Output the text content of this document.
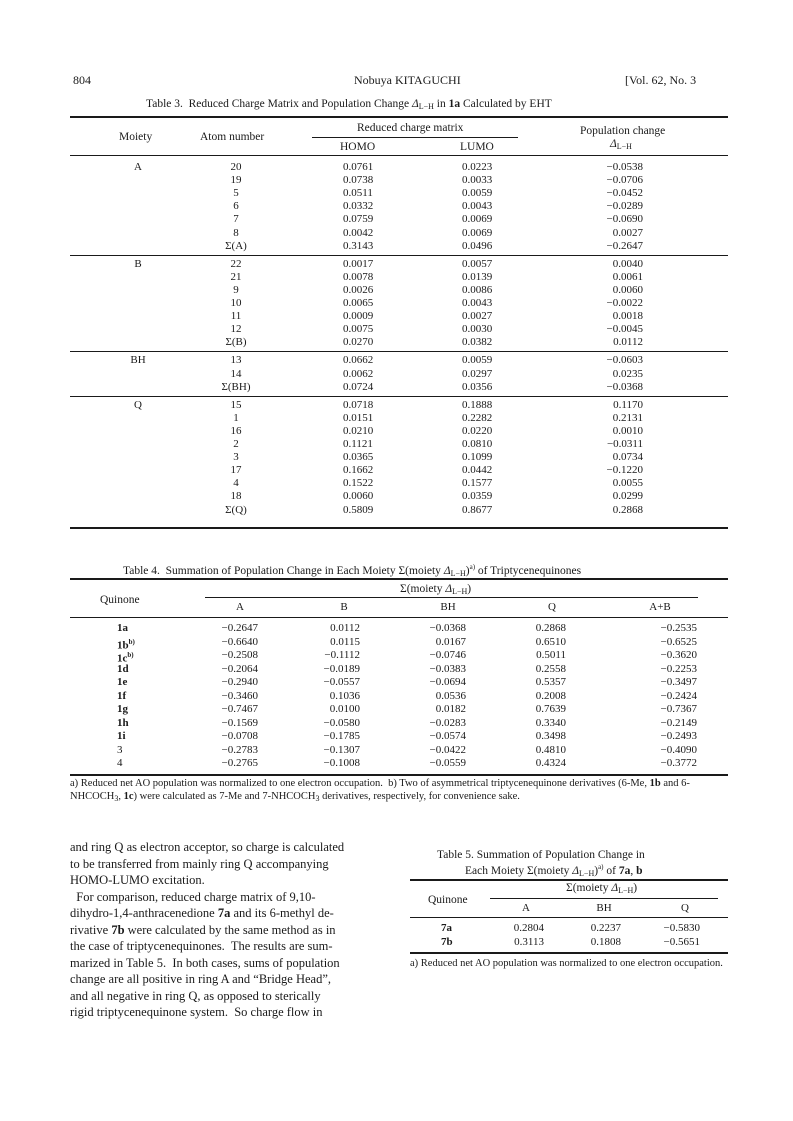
804	Nobuya KITAGUCHI	[Vol. 62, No. 3
Table 3.  Reduced Charge Matrix and Population Change $\Delta_{L-H}$ in 1a Calculated by EHT
Moiety	Atom number
Reduced charge matrix
HOMO	LUMO
Population change
$\Delta_{L-H}$
A	20	0.0761	0.0223	−0.0538
19	0.0738	0.0033	−0.0706
5	0.0511	0.0059	−0.0452
6	0.0332	0.0043	−0.0289
7	0.0759	0.0069	−0.0690
8	0.0042	0.0069	0.0027
Σ(A)	0.3143	0.0496	−0.2647
B	22	0.0017	0.0057	0.0040
21	0.0078	0.0139	0.0061
9	0.0026	0.0086	0.0060
10	0.0065	0.0043	−0.0022
11	0.0009	0.0027	0.0018
12	0.0075	0.0030	−0.0045
Σ(B)	0.0270	0.0382	0.0112
BH	13	0.0662	0.0059	−0.0603
14	0.0062	0.0297	0.0235
Σ(BH)	0.0724	0.0356	−0.0368
Q	15	0.0718	0.1888	0.1170
1	0.0151	0.2282	0.2131
16	0.0210	0.0220	0.0010
2	0.1121	0.0810	−0.0311
3	0.0365	0.1099	0.0734
17	0.1662	0.0442	−0.1220
4	0.1522	0.1577	0.0055
18	0.0060	0.0359	0.0299
Σ(Q)	0.5809	0.8677	0.2868
Table 4.  Summation of Population Change in Each Moiety Σ(moiety $\Delta_{L-H})^{a)}$ of Triptycenequinones
Quinone
Σ(moiety $\Delta_{L-H}$)
A	B	BH	Q	A+B
1a	−0.2647	0.0112	−0.0368	0.2868	−0.2535
$1b^{b)}$	−0.6640	0.0115	0.0167	0.6510	−0.6525
$1c^{b)}$	−0.2508	−0.1112	−0.0746	0.5011	−0.3620
1d	−0.2064	−0.0189	−0.0383	0.2558	−0.2253
1e	−0.2940	−0.0557	−0.0694	0.5357	−0.3497
1f	−0.3460	0.1036	0.0536	0.2008	−0.2424
1g	−0.7467	0.0100	0.0182	0.7639	−0.7367
1h	−0.1569	−0.0580	−0.0283	0.3340	−0.2149
1i	−0.0708	−0.1785	−0.0574	0.3498	−0.2493
3	−0.2783	−0.1307	−0.0422	0.4810	−0.4090
4	−0.2765	−0.1008	−0.0559	0.4324	−0.3772
a) Reduced net AO population was normalized to one electron occupation.  b) Two of asymmetrical triptycenequinone derivatives (6-Me, 1b and $6-NHCOCH_3$, 1c) were calculated as 7-Me and $7-NHCOCH_3$ derivatives, respectively, for convenience sake.

and ring Q as electron acceptor, so charge is calculated

to be transferred from mainly ring Q accompanying

HOMO-LUMO excitation.

For comparison, reduced charge matrix of 9,10-

dihydro-1,4-anthracenedione 7a and its 6-methyl de-

rivative 7b were calculated by the same method as in

the case of triptycenequinones.  The results are sum-

marized in Table 5.  In both cases, sums of population

change are all positive in ring A and “Bridge Head”,

and all negative in ring Q, as opposed to sterically

rigid triptycenequinone system.  So charge flow in

Table 5. Summation of Population Change in
Each Moiety Σ(moiety $\Delta_{L-H})^{a)}$ of 7a, b
Quinone
Σ(moiety $\Delta_{L-H}$)
A	BH	Q
7a	0.2804	0.2237	−0.5830
7b	0.3113	0.1808	−0.5651
a) Reduced net AO population was normalized to one electron occupation.
